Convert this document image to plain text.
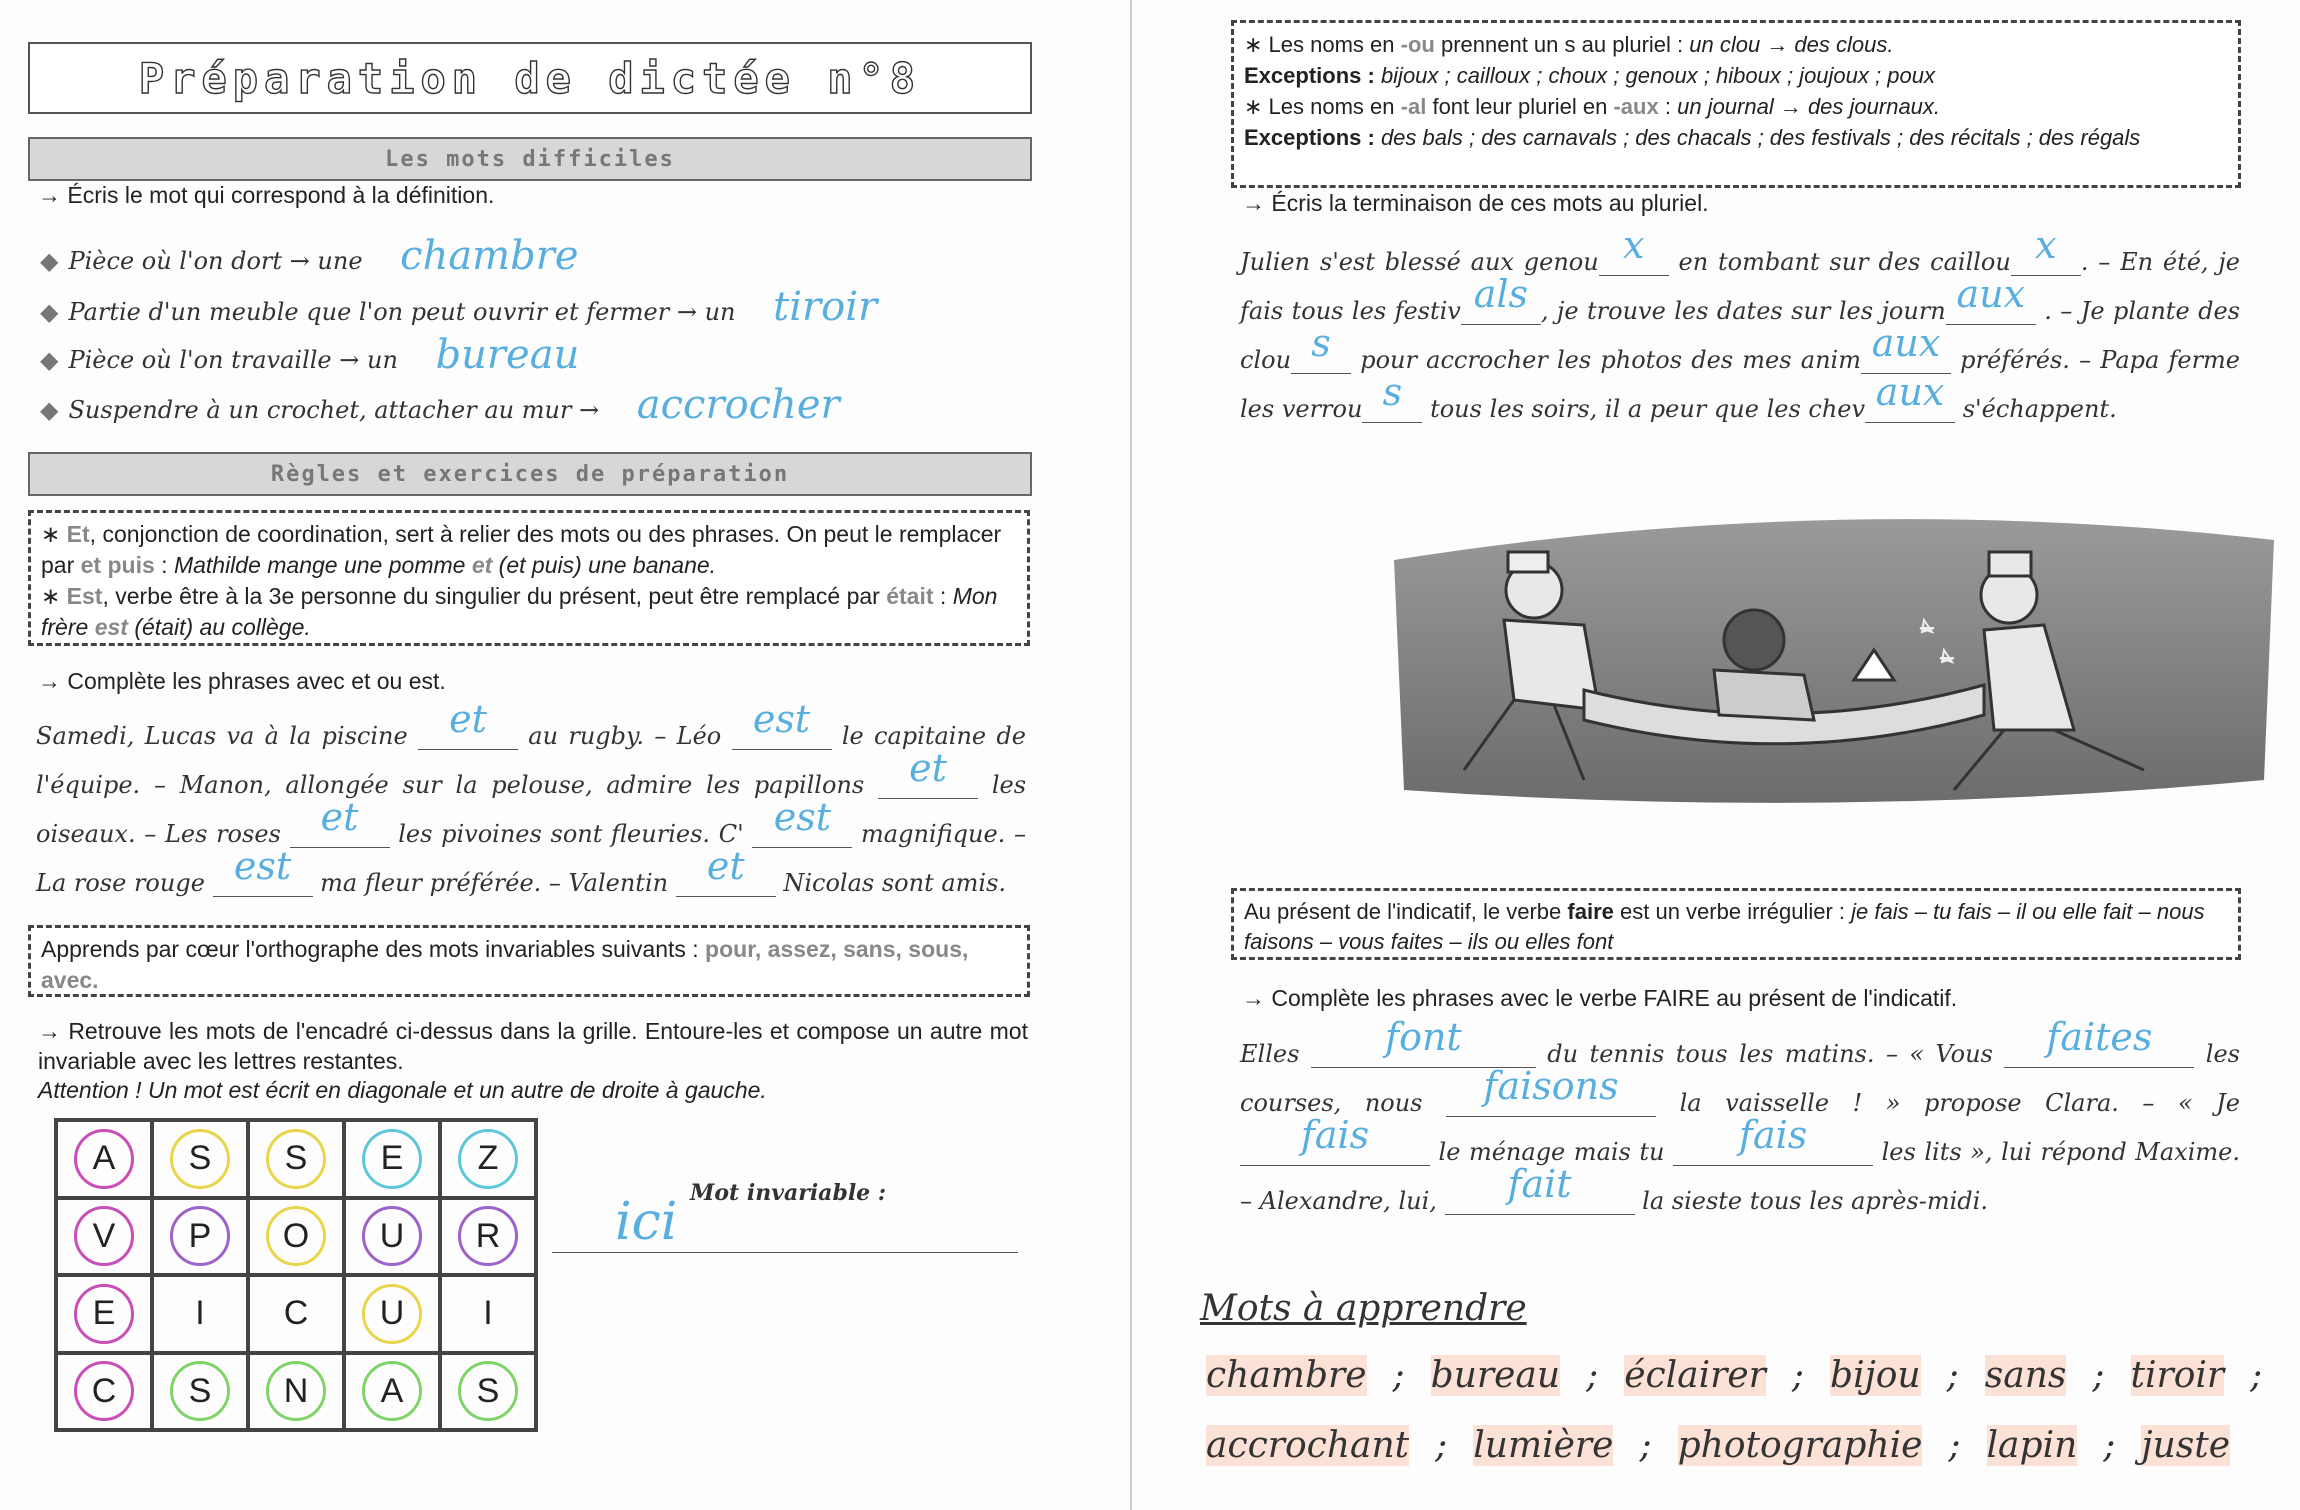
Préparation de dictée n°8
Les mots difficiles
→ Écris le mot qui correspond à la définition.
◆ Pièce où l'on dort → une chambre
◆ Partie d'un meuble que l'on peut ouvrir et fermer → un tiroir
◆ Pièce où l'on travaille → un bureau
◆ Suspendre à un crochet, attacher au mur → accrocher
Règles et exercices de préparation
∗ Et, conjonction de coordination, sert à relier des mots ou des phrases. On peut le remplacer par et puis : Mathilde mange une pomme et (et puis) une banane.
∗ Est, verbe être à la 3e personne du singulier du présent, peut être remplacé par était : Mon frère est (était) au collège.
→ Complète les phrases avec et ou est.
Samedi, Lucas va à la piscine et au rugby. – Léo est le capitaine de l'équipe. – Manon, allongée sur la pelouse, admire les papillons et les oiseaux. – Les roses et les pivoines sont fleuries. C' est magnifique. – La rose rouge est ma fleur préférée. – Valentin et Nicolas sont amis.
Apprends par cœur l'orthographe des mots invariables suivants : pour, assez, sans, sous, avec.
→ Retrouve les mots de l'encadré ci-dessus dans la grille. Entoure-les et compose un autre mot invariable avec les lettres restantes.
Attention ! Un mot est écrit en diagonale et un autre de droite à gauche.
A	S	S	E	Z
V	P	O	U	R
E	I	C	U	I
C	S	N	A	S
Mot invariable :
ici
∗ Les noms en -ou prennent un s au pluriel : un clou → des clous.
Exceptions : bijoux ; cailloux ; choux ; genoux ; hiboux ; joujoux ; poux
∗ Les noms en -al font leur pluriel en -aux : un journal → des journaux.
Exceptions : des bals ; des carnavals ; des chacals ; des festivals ; des récitals ; des régals
→ Écris la terminaison de ces mots au pluriel.
Julien s'est blessé aux genou x en tombant sur des caillou x . – En été, je fais tous les festiv als , je trouve les dates sur les journ aux . – Je plante des clou s pour accrocher les photos des mes anim aux préférés. – Papa ferme les verrou s tous les soirs, il a peur que les chev aux s'échappent.
Au présent de l'indicatif, le verbe faire est un verbe irrégulier : je fais – tu fais – il ou elle fait – nous faisons – vous faites – ils ou elles font
→ Complète les phrases avec le verbe FAIRE au présent de l'indicatif.
Elles font	du tennis tous les matins. – « Vous faites les courses, nous faisons	la vaisselle ! » propose Clara. – « Je fais	le ménage mais tu fais	les lits », lui répond Maxime. – Alexandre, lui, fait	la sieste tous les après-midi.
Mots à apprendre
chambre ; bureau ; éclairer ; bijou ; sans ; tiroir ;
accrochant ; lumière ; photographie ; lapin ; juste
